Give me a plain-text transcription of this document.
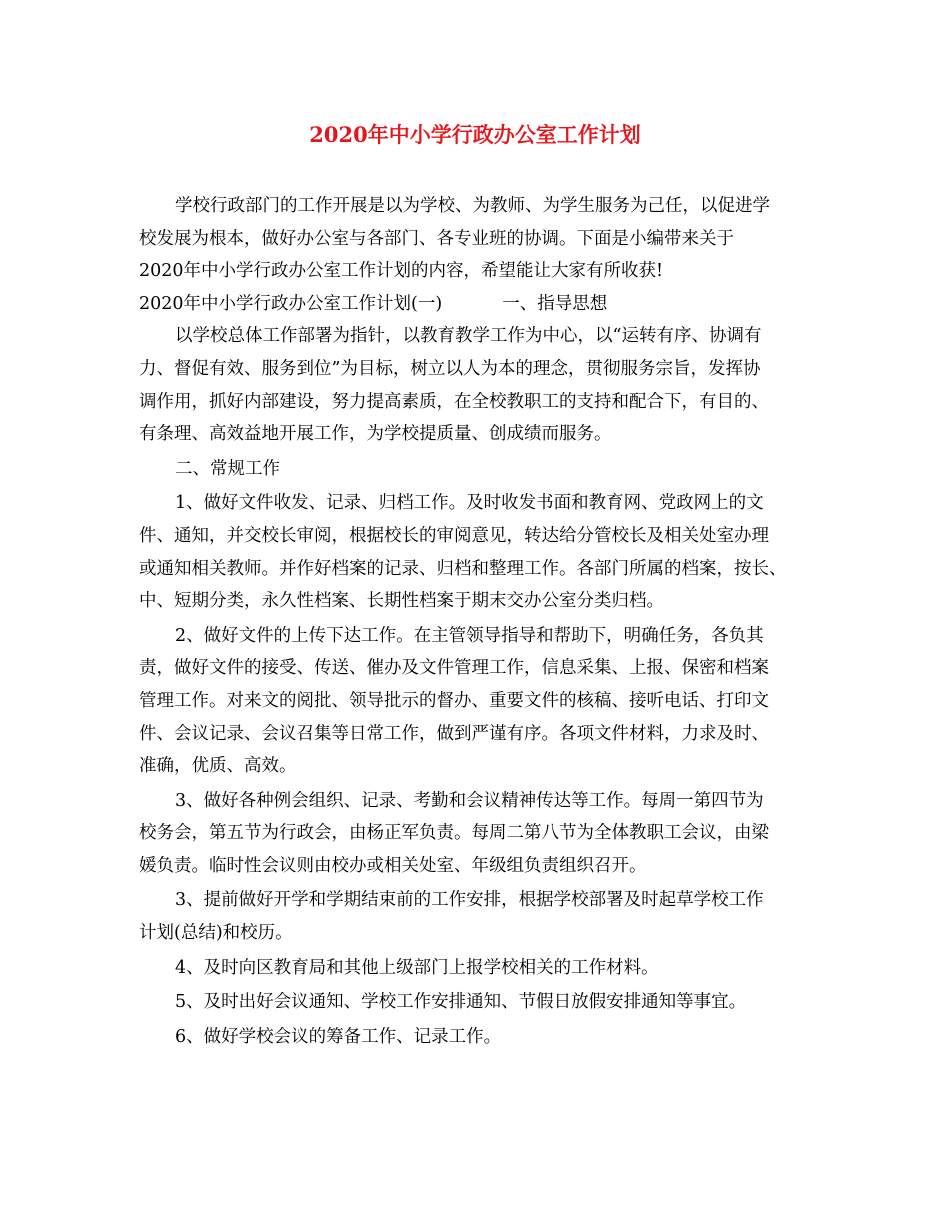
2020年中小学行政办公室工作计划
学校行政部门的工作开展是以为学校、为教师、为学生服务为己任，以促进学
校发展为根本，做好办公室与各部门、各专业班的协调。下面是小编带来关于
2020年中小学行政办公室工作计划的内容，希望能让大家有所收获!
2020年中小学行政办公室工作计划(一)	一、指导思想
以学校总体工作部署为指针，以教育教学工作为中心，以“运转有序、协调有
力、督促有效、服务到位”为目标，树立以人为本的理念，贯彻服务宗旨，发挥协
调作用，抓好内部建设，努力提高素质，在全校教职工的支持和配合下，有目的、
有条理、高效益地开展工作，为学校提质量、创成绩而服务。
二、常规工作
1、做好文件收发、记录、归档工作。及时收发书面和教育网、党政网上的文
件、通知，并交校长审阅，根据校长的审阅意见，转达给分管校长及相关处室办理
或通知相关教师。并作好档案的记录、归档和整理工作。各部门所属的档案，按长、
中、短期分类，永久性档案、长期性档案于期末交办公室分类归档。
2、做好文件的上传下达工作。在主管领导指导和帮助下，明确任务，各负其
责，做好文件的接受、传送、催办及文件管理工作，信息采集、上报、保密和档案
管理工作。对来文的阅批、领导批示的督办、重要文件的核稿、接听电话、打印文
件、会议记录、会议召集等日常工作，做到严谨有序。各项文件材料，力求及时、
准确，优质、高效。
3、做好各种例会组织、记录、考勤和会议精神传达等工作。每周一第四节为
校务会，第五节为行政会，由杨正军负责。每周二第八节为全体教职工会议，由梁
媛负责。临时性会议则由校办或相关处室、年级组负责组织召开。
3、提前做好开学和学期结束前的工作安排，根据学校部署及时起草学校工作
计划(总结)和校历。
4、及时向区教育局和其他上级部门上报学校相关的工作材料。
5、及时出好会议通知、学校工作安排通知、节假日放假安排通知等事宜。
6、做好学校会议的筹备工作、记录工作。
